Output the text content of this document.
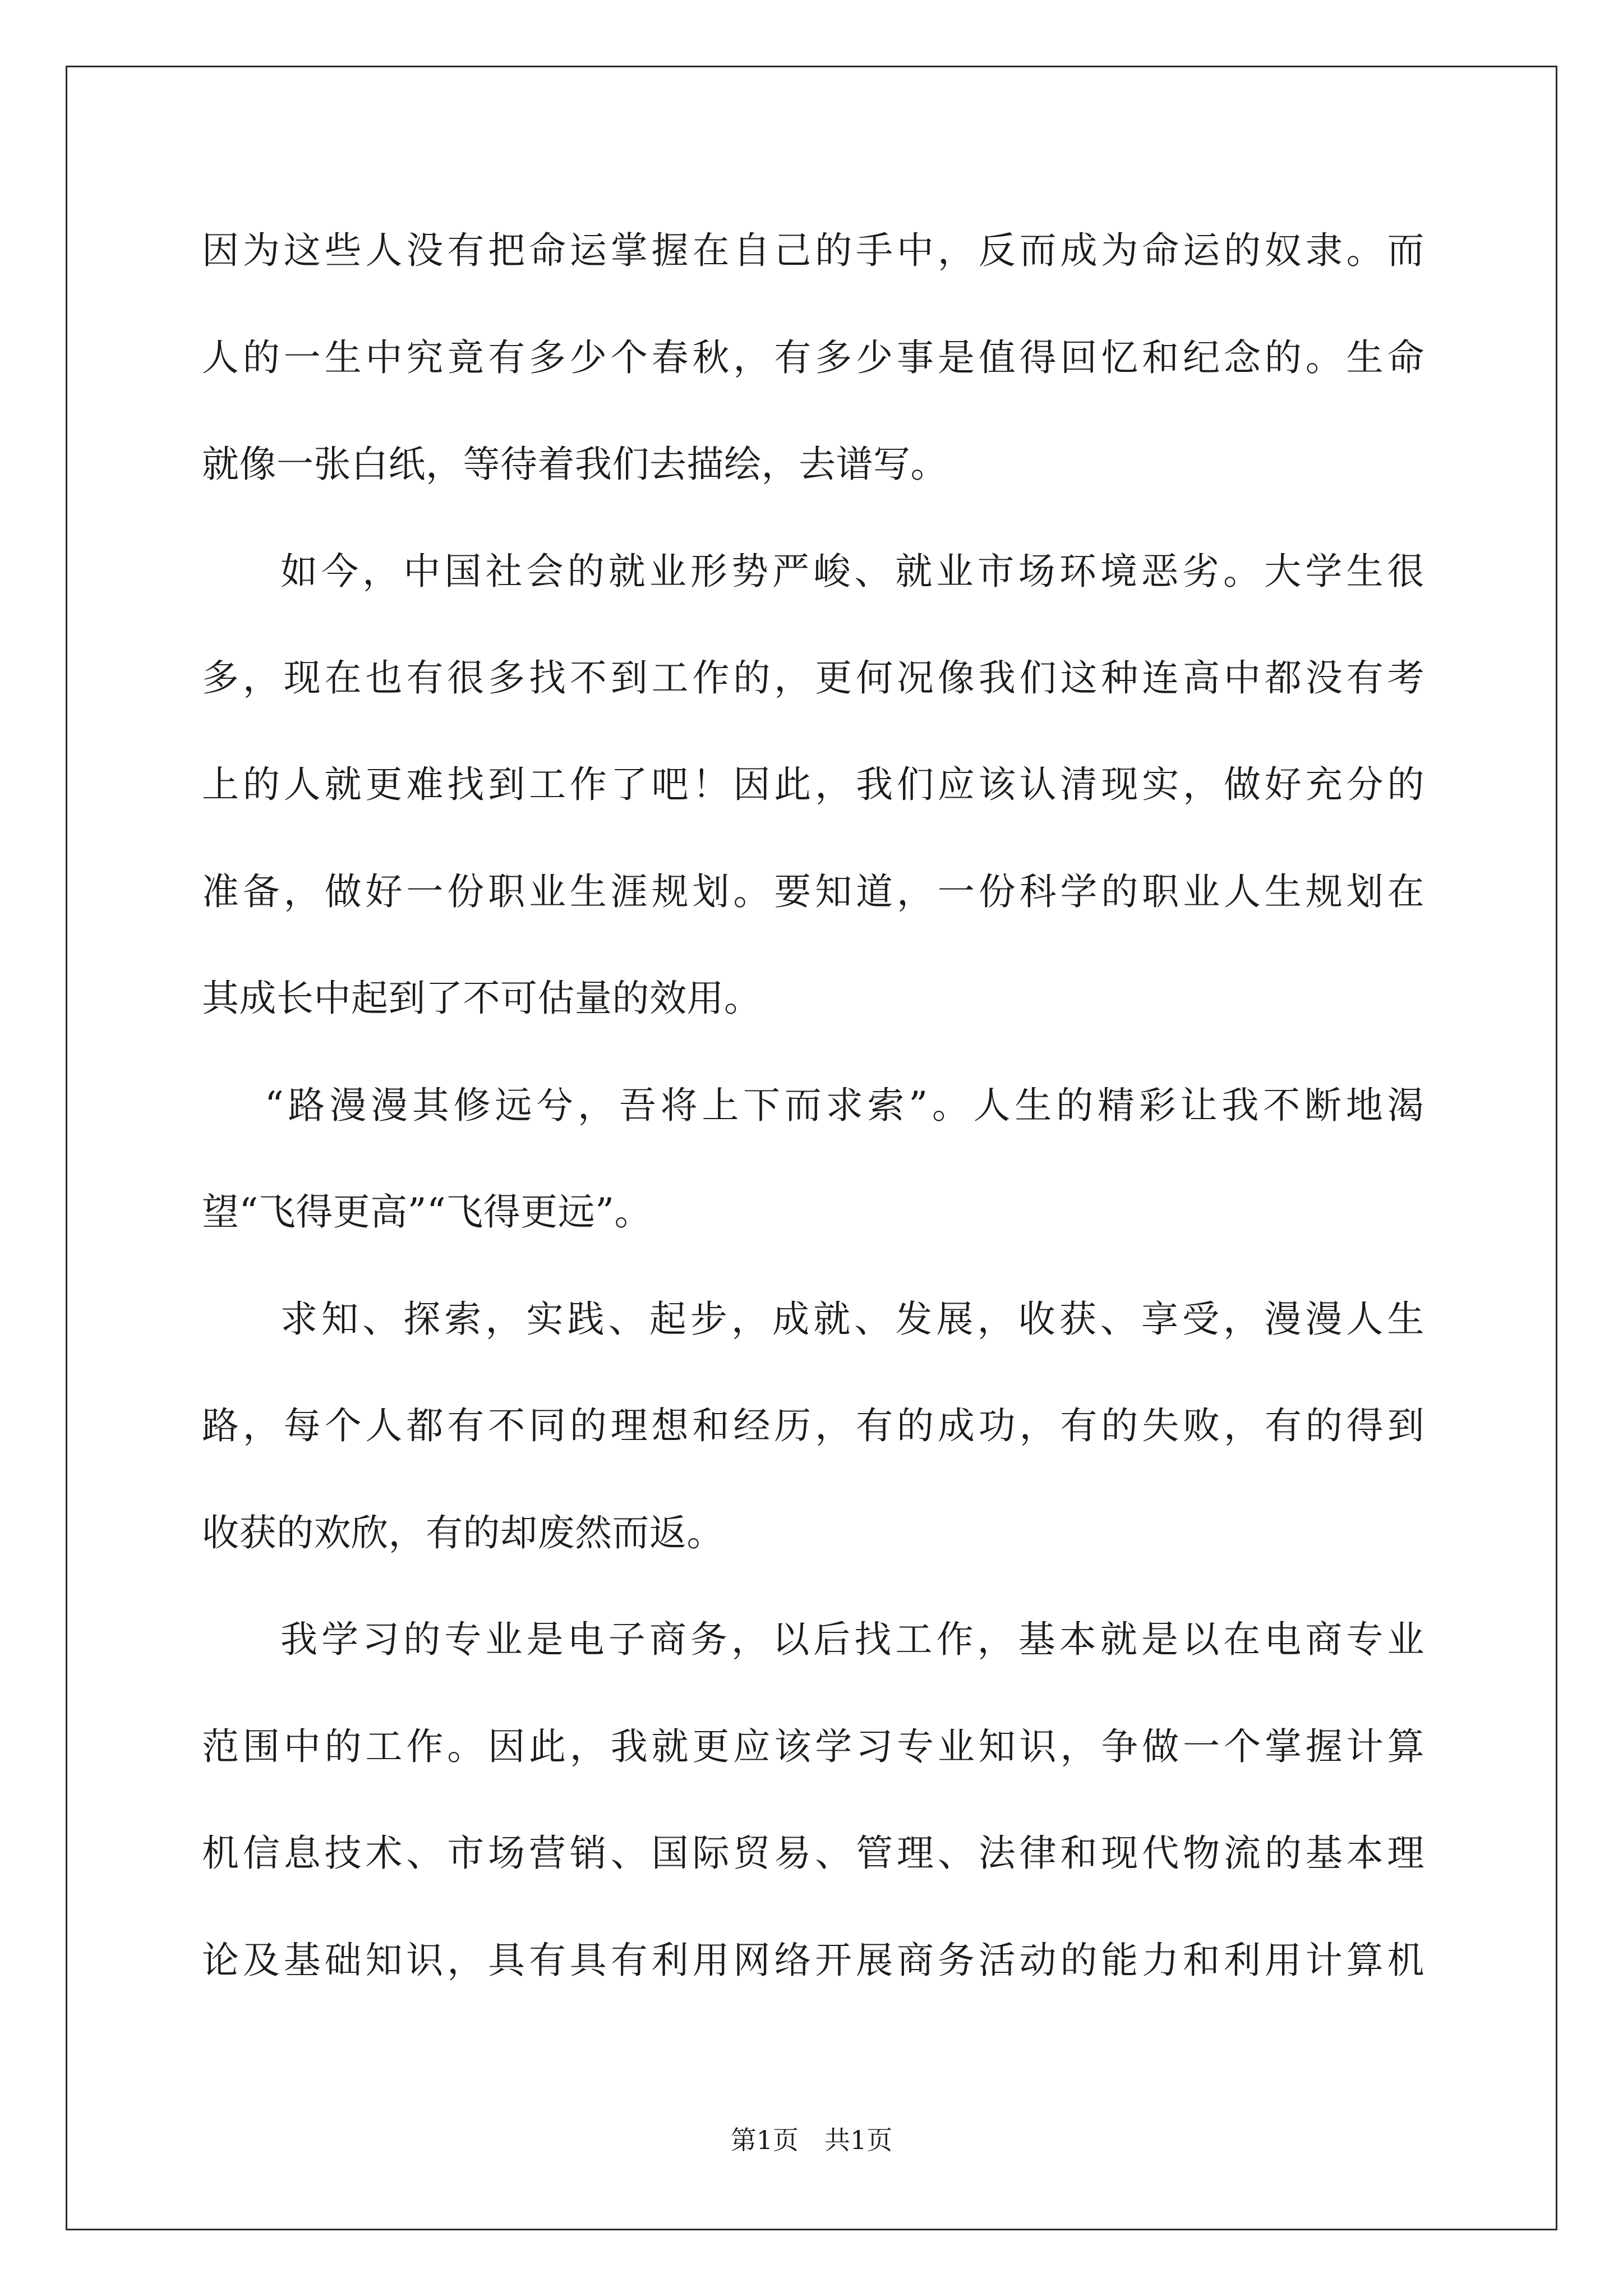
因为这些人没有把命运掌握在自己的手中，反而成为命运的奴隶。而
人的一生中究竟有多少个春秋，有多少事是值得回忆和纪念的。生命
就像一张白纸，等待着我们去描绘，去谱写。
如今，中国社会的就业形势严峻、就业市场环境恶劣。大学生很
多，现在也有很多找不到工作的，更何况像我们这种连高中都没有考
上的人就更难找到工作了吧！因此，我们应该认清现实，做好充分的
准备，做好一份职业生涯规划。要知道，一份科学的职业人生规划在
其成长中起到了不可估量的效用。
“路漫漫其修远兮，吾将上下而求索”。人生的精彩让我不断地渴
望“飞得更高”“飞得更远”。
求知、探索，实践、起步，成就、发展，收获、享受，漫漫人生
路，每个人都有不同的理想和经历，有的成功，有的失败，有的得到
收获的欢欣，有的却废然而返。
我学习的专业是电子商务，以后找工作，基本就是以在电商专业
范围中的工作。因此，我就更应该学习专业知识，争做一个掌握计算
机信息技术、市场营销、国际贸易、管理、法律和现代物流的基本理
论及基础知识，具有具有利用网络开展商务活动的能力和利用计算机
第1页　共1页
